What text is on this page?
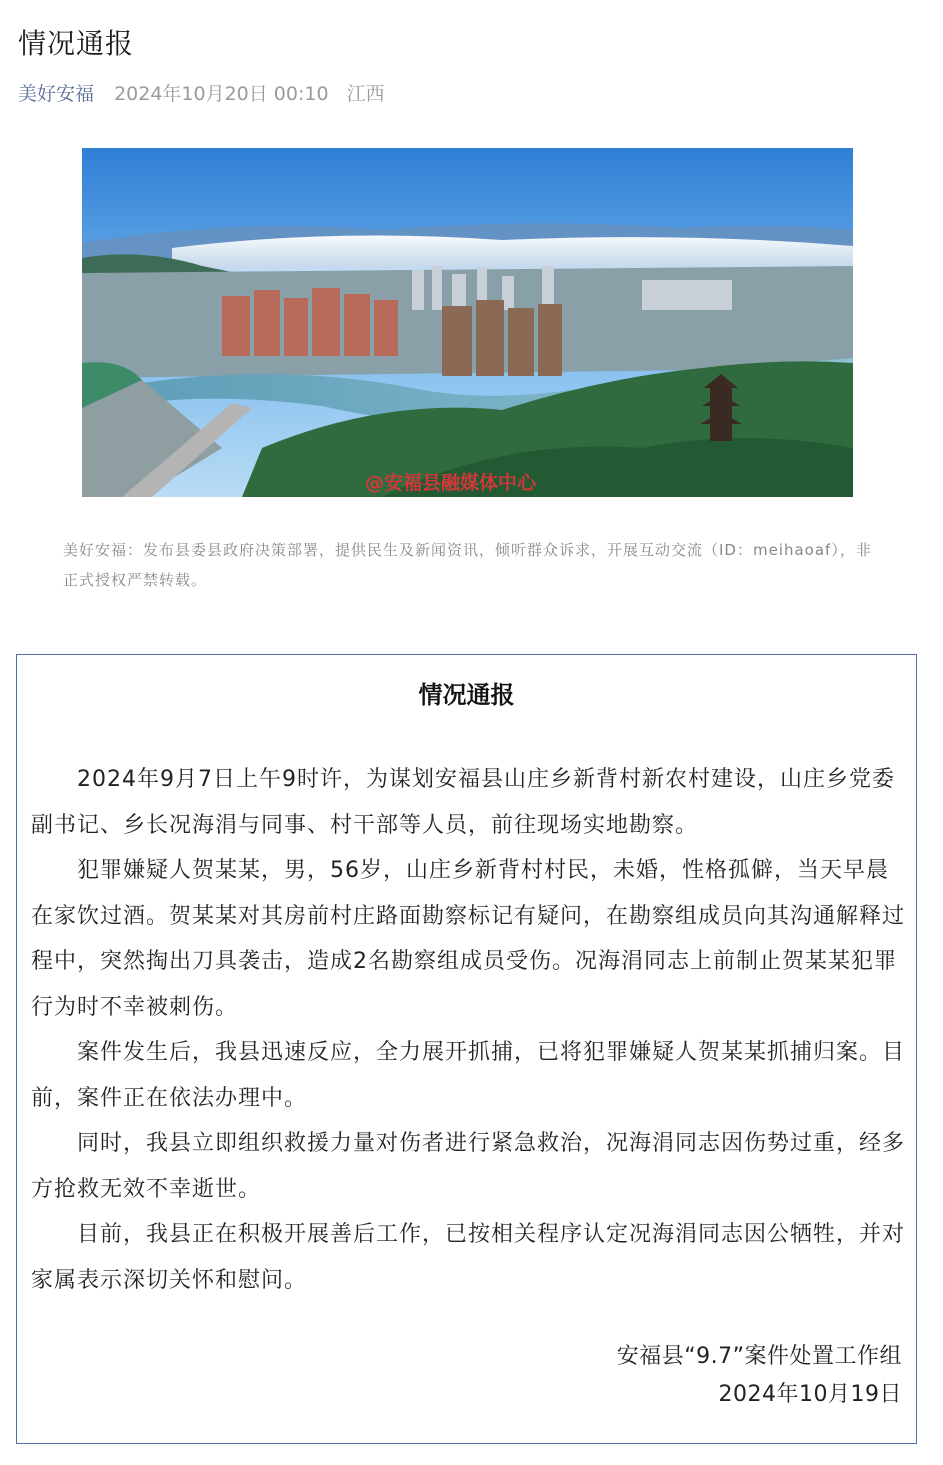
情况通报
美好安福 2024年10月20日 00:10 江西
@安福县融媒体中心
美好安福：发布县委县政府决策部署，提供民生及新闻资讯，倾听群众诉求，开展互动交流（ID：meihaoaf），非正式授权严禁转载。
情况通报

2024年9月7日上午9时许，为谋划安福县山庄乡新背村新农村建设，山庄乡党委副书记、乡长况海涓与同事、村干部等人员，前往现场实地勘察。

犯罪嫌疑人贺某某，男，56岁，山庄乡新背村村民，未婚，性格孤僻，当天早晨在家饮过酒。贺某某对其房前村庄路面勘察标记有疑问，在勘察组成员向其沟通解释过程中，突然掏出刀具袭击，造成2名勘察组成员受伤。况海涓同志上前制止贺某某犯罪行为时不幸被刺伤。

案件发生后，我县迅速反应，全力展开抓捕，已将犯罪嫌疑人贺某某抓捕归案。目前，案件正在依法办理中。

同时，我县立即组织救援力量对伤者进行紧急救治，况海涓同志因伤势过重，经多方抢救无效不幸逝世。

目前，我县正在积极开展善后工作，已按相关程序认定况海涓同志因公牺牲，并对家属表示深切关怀和慰问。

安福县“9.7”案件处置工作组
2024年10月19日
